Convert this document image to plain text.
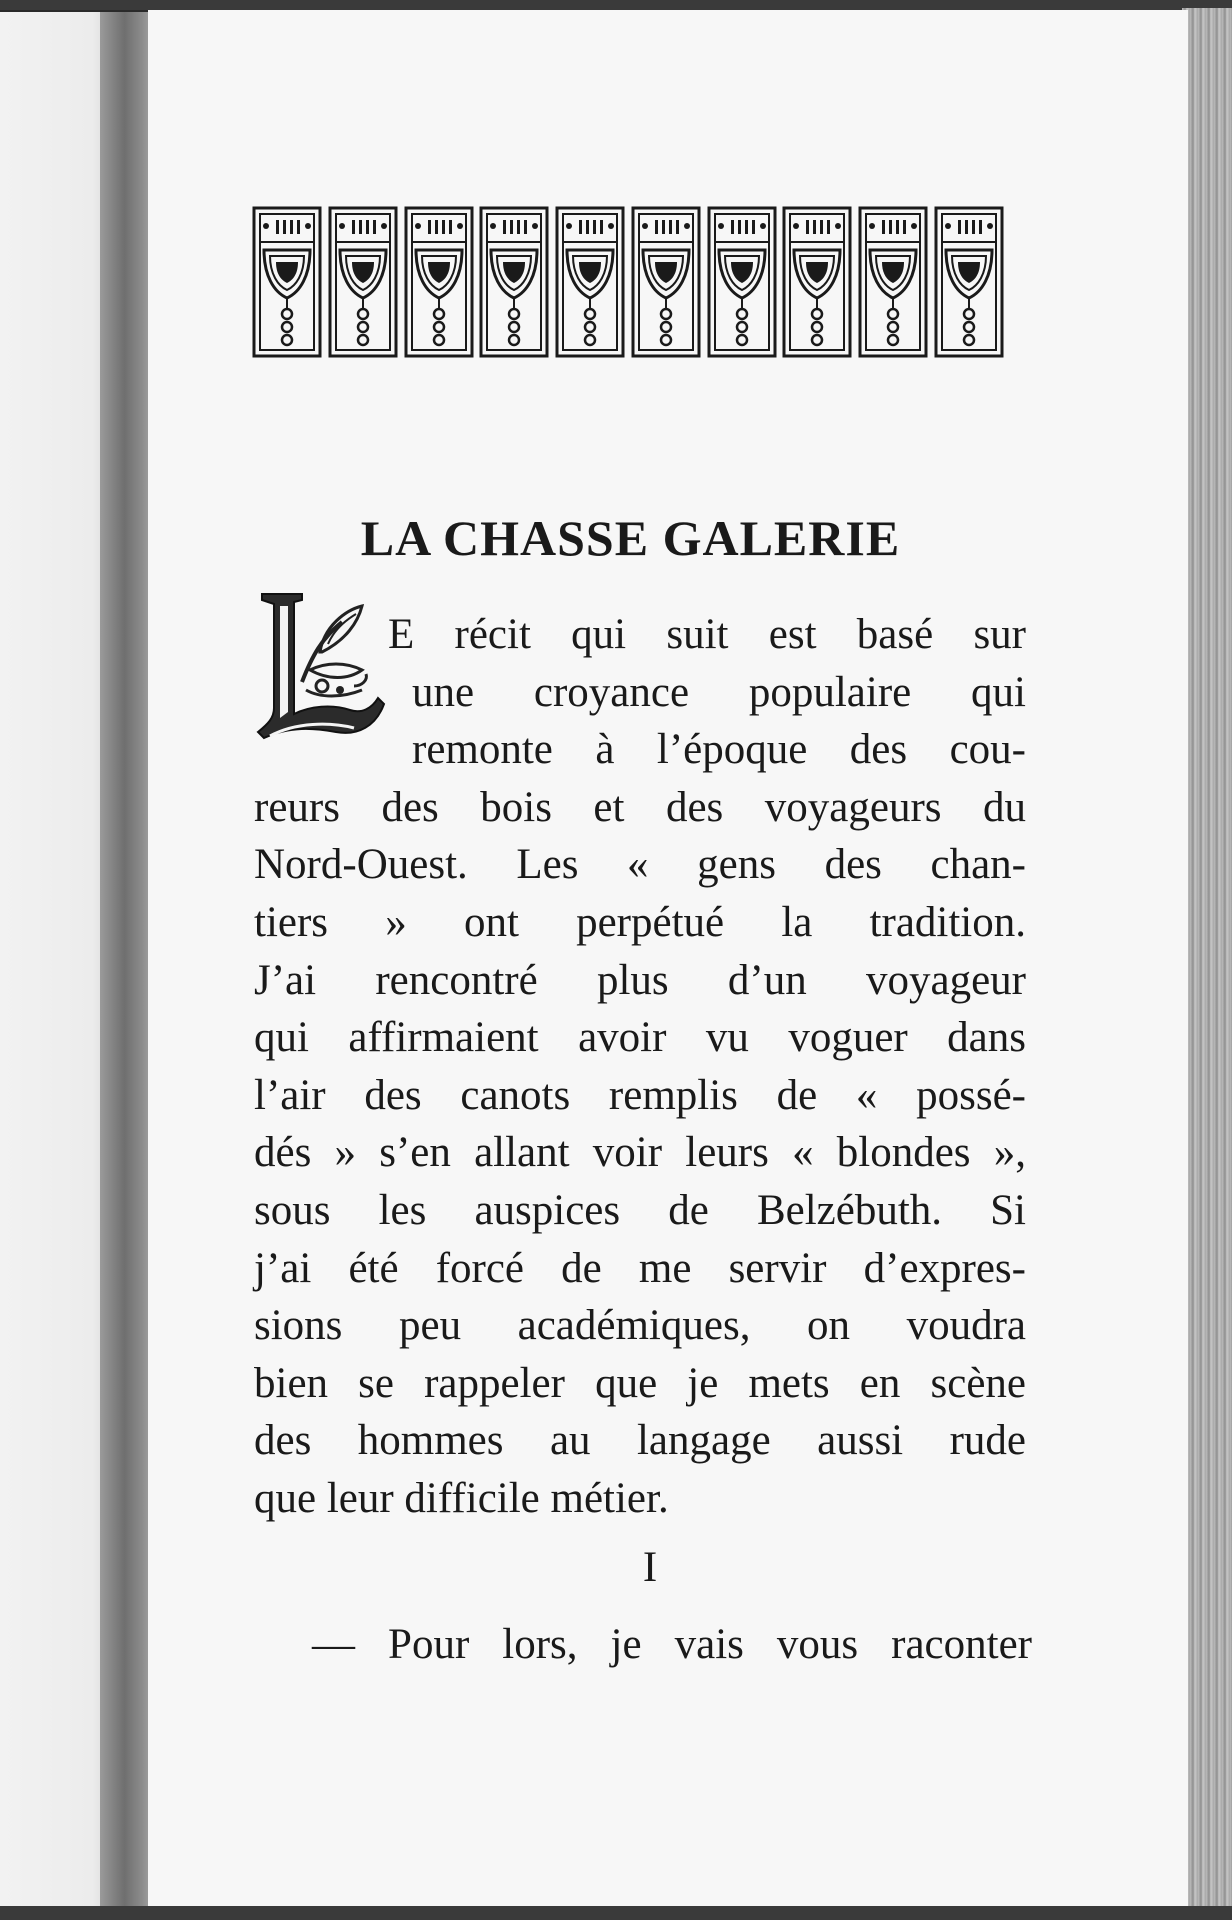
LA CHASSE GALERIE
E récit qui suit est basé sur
une croyance populaire qui
remonte à l’époque des cou-
reurs des bois et des voyageurs du
Nord-Ouest. Les « gens des chan-
tiers » ont perpétué la tradition.
J’ai rencontré plus d’un voyageur
qui affirmaient avoir vu voguer dans
l’air des canots remplis de « possé-
dés » s’en allant voir leurs « blondes »,
sous les auspices de Belzébuth. Si
j’ai été forcé de me servir d’expres-
sions peu académiques, on voudra
bien se rappeler que je mets en scène
des hommes au langage aussi rude
que leur difficile métier.
I
— Pour lors, je vais vous raconter
